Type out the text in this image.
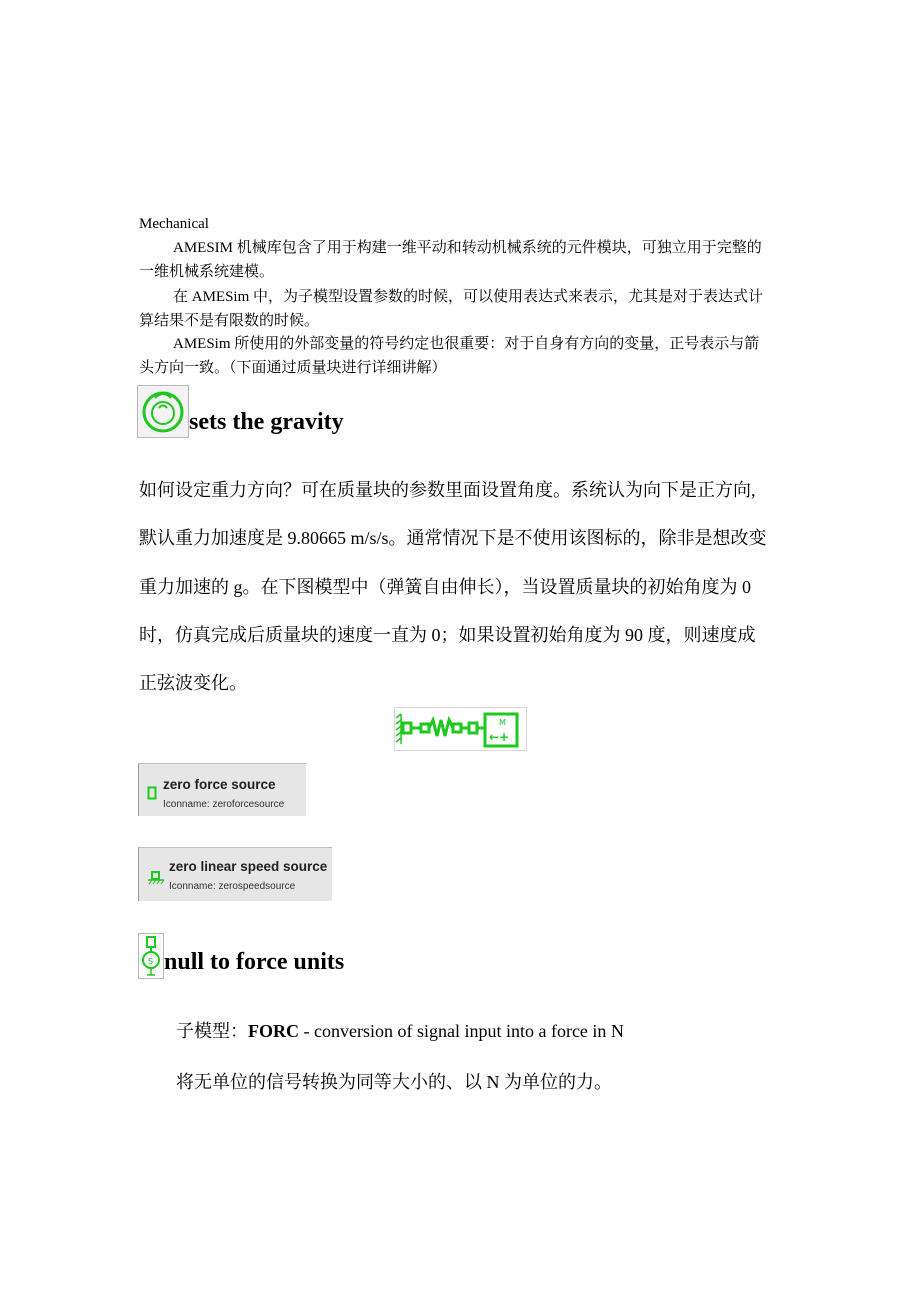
Mechanical
AMESIM 机械库包含了用于构建一维平动和转动机械系统的元件模块，可独立用于完整的
一维机械系统建模。
在 AMESim 中，为子模型设置参数的时候，可以使用表达式来表示，尤其是对于表达式计
算结果不是有限数的时候。
AMESim 所使用的外部变量的符号约定也很重要：对于自身有方向的变量，正号表示与箭
头方向一致。（下面通过质量块进行详细讲解）
sets the gravity
如何设定重力方向？可在质量块的参数里面设置角度。系统认为向下是正方向,
默认重力加速度是 9.80665 m/s/s。通常情况下是不使用该图标的，除非是想改变
重力加速的 g。在下图模型中（弹簧自由伸长），当设置质量块的初始角度为 0
时，仿真完成后质量块的速度一直为 0；如果设置初始角度为 90 度，则速度成
正弦波变化。
M
←+
zero force source
Iconname: zeroforcesource
zero linear speed source
Iconname: zerospeedsource
S null to force units
子模型：FORC - conversion of signal input into a force in N
将无单位的信号转换为同等大小的、以 N 为单位的力。
